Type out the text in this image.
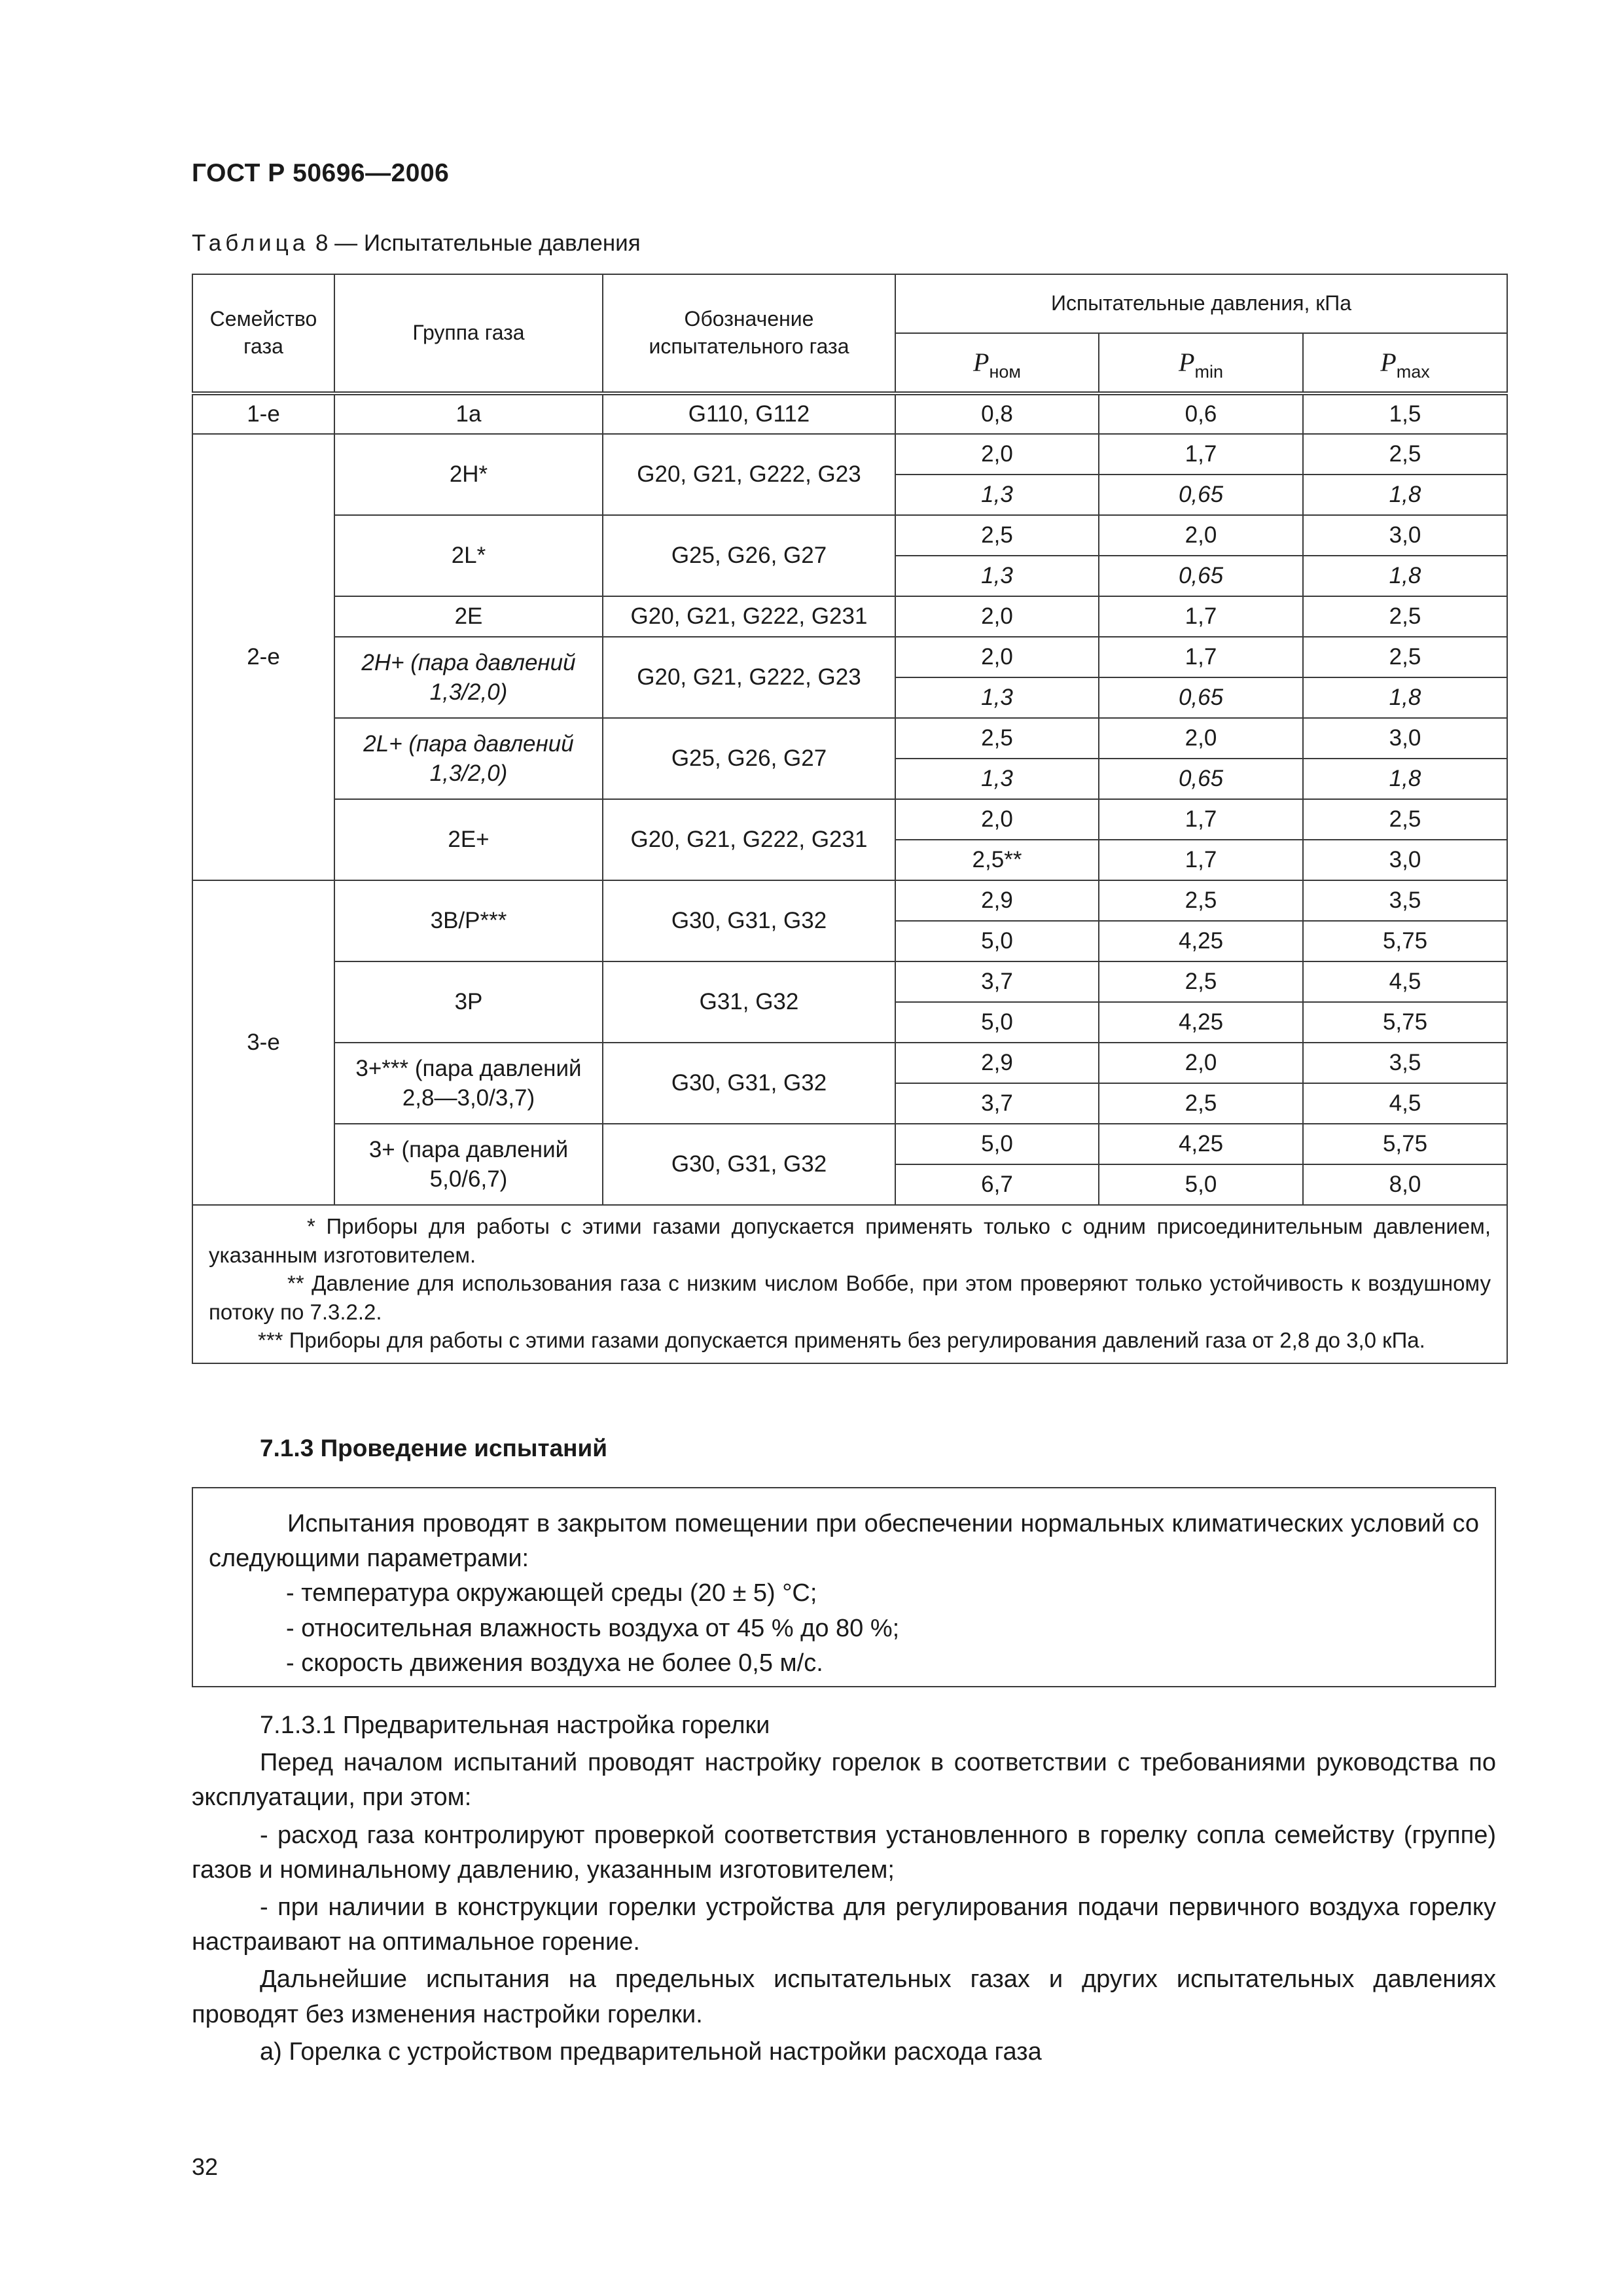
ГОСТ Р 50696—2006
Таблица 8 — Испытательные давления
Семейство газа	Группа газа	Обозначение испытательного газа	Испытательные давления, кПа		
			$P_{ном}$	$P_{min}$	$P_{max}$
1-е	1а	G110, G112	0,8	0,6	1,5
2-е	2H*	G20, G21, G222, G23	2,0	1,7	2,5
			1,3	0,65	1,8
	2L*	G25, G26, G27	2,5	2,0	3,0
			1,3	0,65	1,8
	2E	G20, G21, G222, G231	2,0	1,7	2,5
	2H+ (пара давлений 1,3/2,0)	G20, G21, G222, G23	2,0	1,7	2,5
			1,3	0,65	1,8
	2L+ (пара давлений 1,3/2,0)	G25, G26, G27	2,5	2,0	3,0
			1,3	0,65	1,8
	2E+	G20, G21, G222, G231	2,0	1,7	2,5
			2,5**	1,7	3,0
3-е	3B/P***	G30, G31, G32	2,9	2,5	3,5
			5,0	4,25	5,75
	3P	G31, G32	3,7	2,5	4,5
			5,0	4,25	5,75
	3+*** (пара давлений 2,8—3,0/3,7)	G30, G31, G32	2,9	2,0	3,5
			3,7	2,5	4,5
	3+ (пара давлений 5,0/6,7)	G30, G31, G32	5,0	4,25	5,75
			6,7	5,0	8,0

* Приборы для работы с этими газами допускается применять только с одним присоединительным давлением, указанным изготовителем.

** Давление для использования газа с низким числом Воббе, при этом проверяют только устойчивость к воздушному потоку по 7.3.2.2.

*** Приборы для работы с этими газами допускается применять без регулирования давлений газа от 2,8 до 3,0 кПа.					

7.1.3 Проведение испытаний

Испытания проводят в закрытом помещении при обеспечении нормальных климатических условий со следующими параметрами:

- температура окружающей среды (20 ± 5) °С;

- относительная влажность воздуха от 45 % до 80 %;

- скорость движения воздуха не более 0,5 м/с.

7.1.3.1 Предварительная настройка горелки

Перед началом испытаний проводят настройку горелок в соответствии с требованиями руководства по эксплуатации, при этом:

- расход газа контролируют проверкой соответствия установленного в горелку сопла семейству (группе) газов и номинальному давлению, указанным изготовителем;

- при наличии в конструкции горелки устройства для регулирования подачи первичного воздуха горелку настраивают на оптимальное горение.

Дальнейшие испытания на предельных испытательных газах и других испытательных давлениях проводят без изменения настройки горелки.

а) Горелка с устройством предварительной настройки расхода газа

32
